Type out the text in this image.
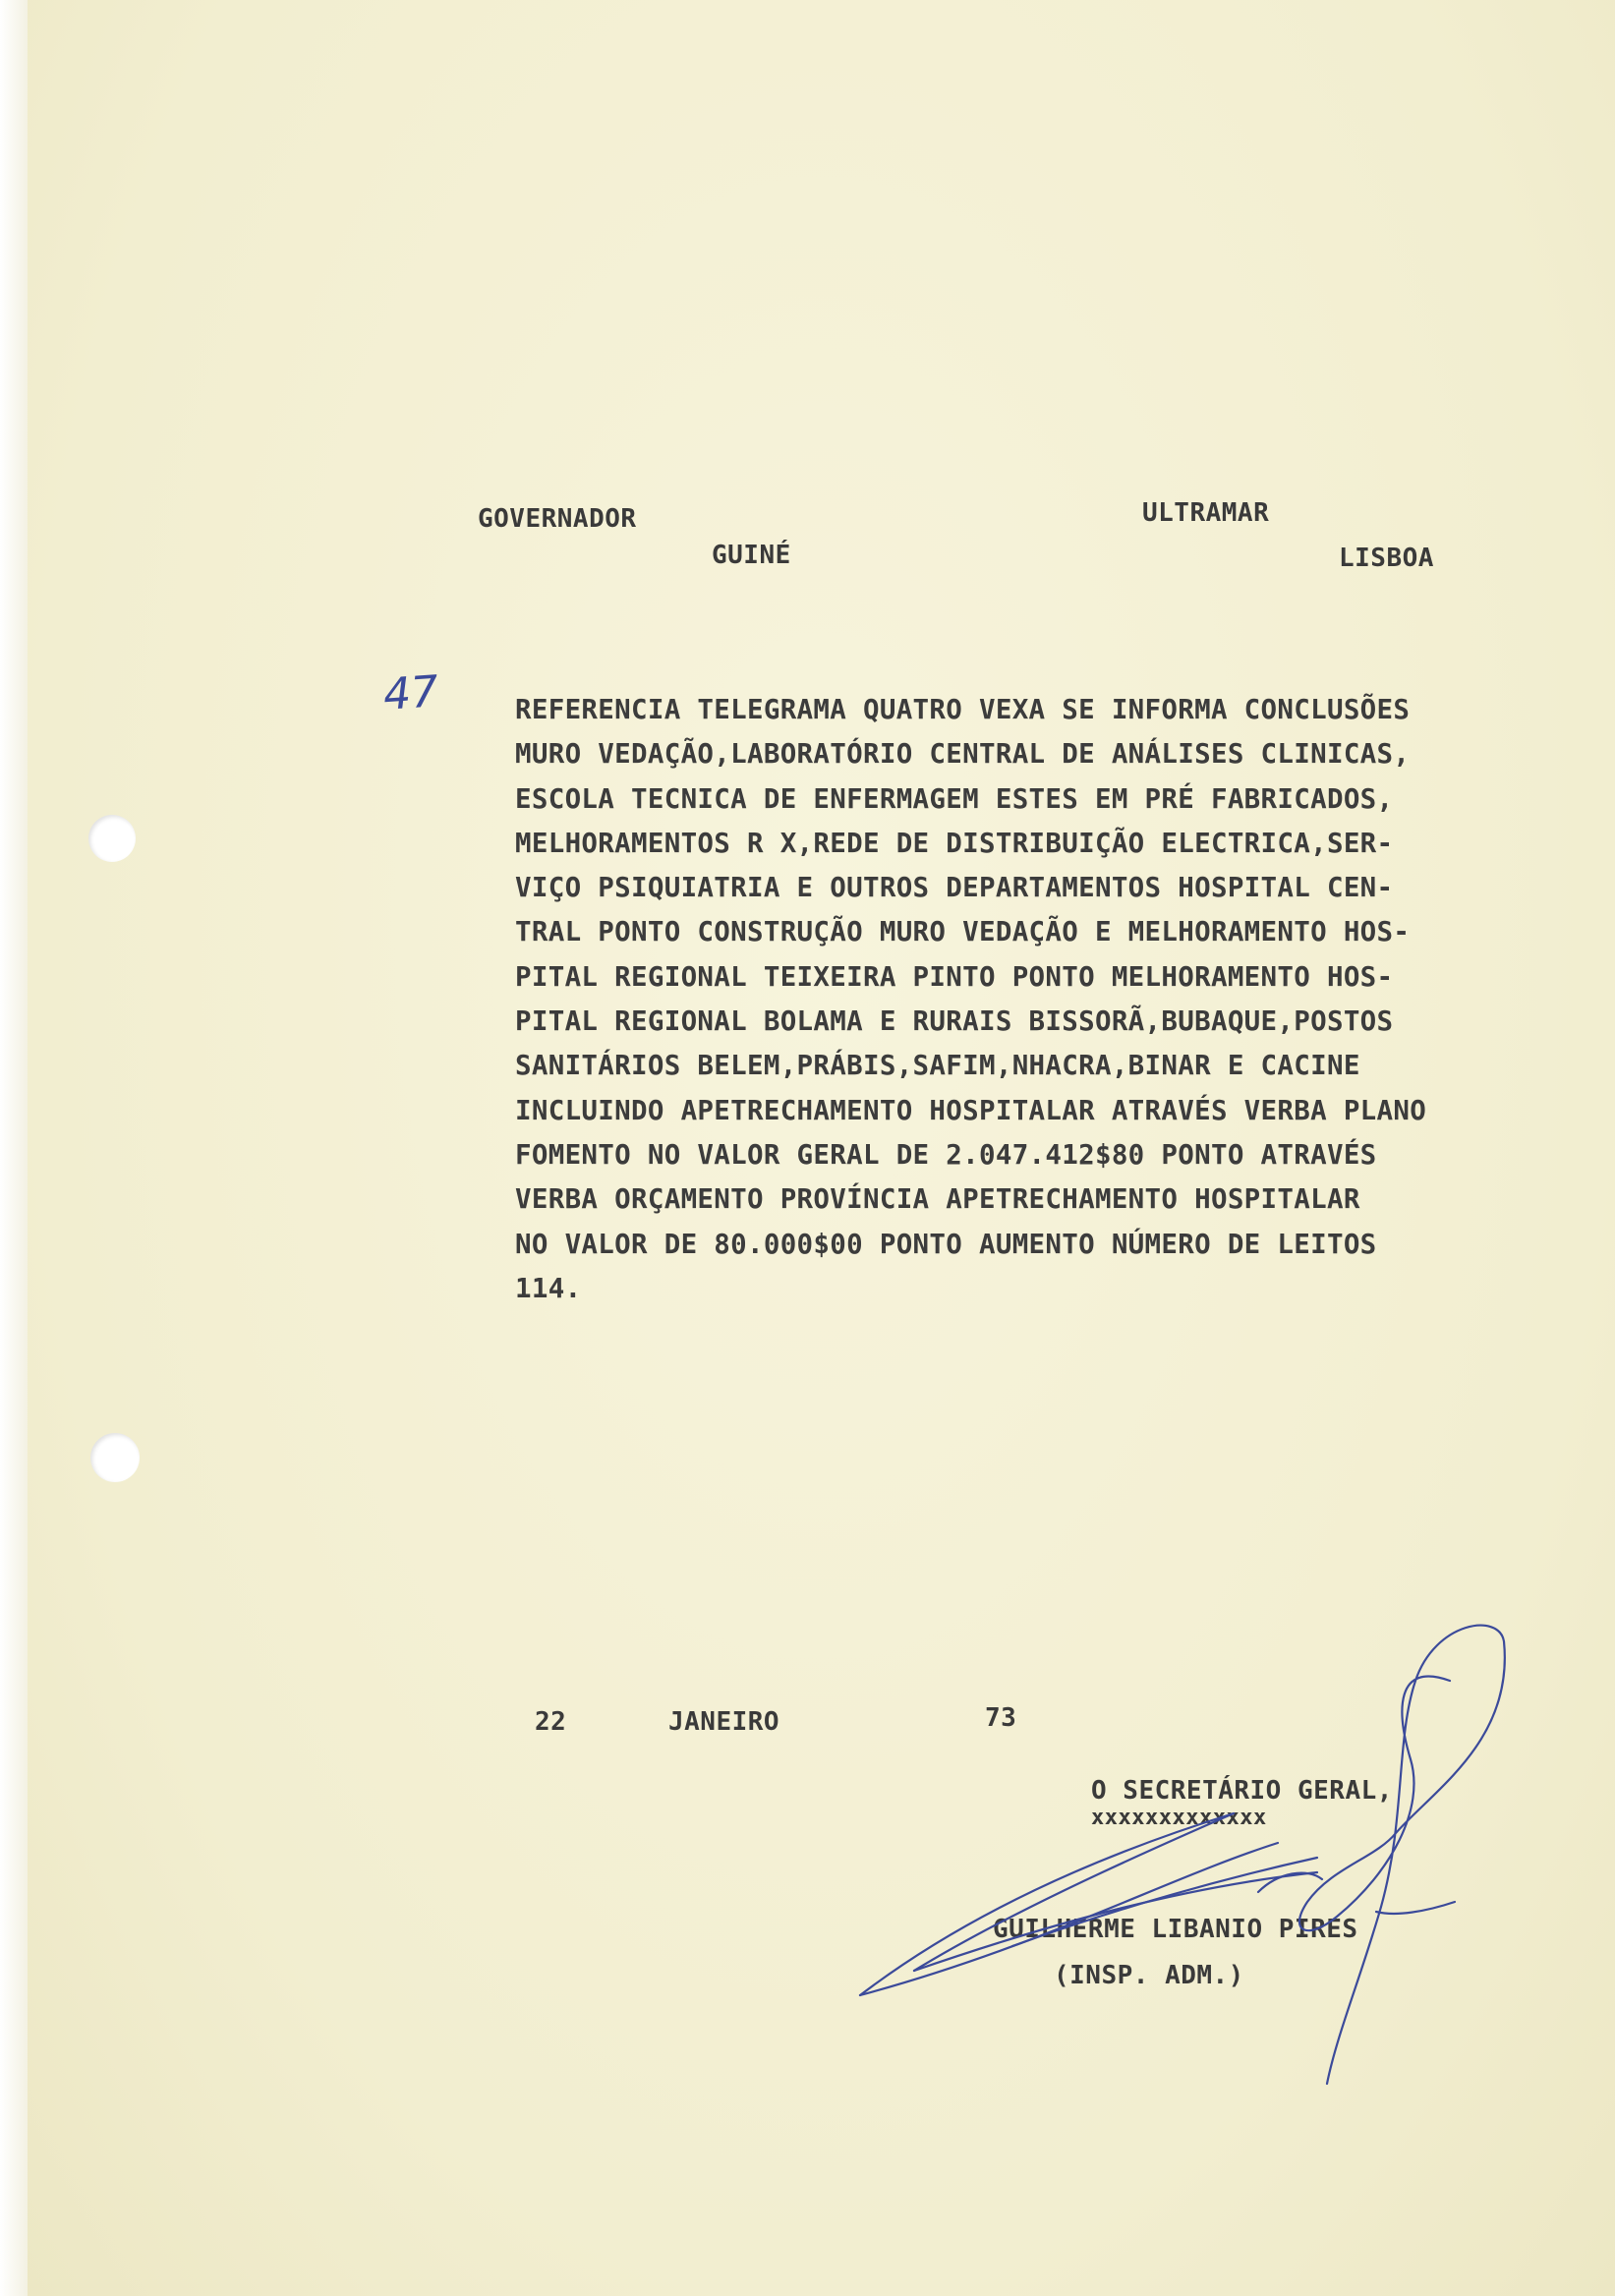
GOVERNADOR
GUINÉ
ULTRAMAR
LISBOA
47	REFERENCIA TELEGRAMA QUATRO VEXA SE INFORMA CONCLUSÕES
MURO VEDAÇÃO,LABORATÓRIO CENTRAL DE ANÁLISES CLINICAS,
ESCOLA TECNICA DE ENFERMAGEM ESTES EM PRÉ FABRICADOS,
MELHORAMENTOS R X,REDE DE DISTRIBUIÇÃO ELECTRICA,SER-
VIÇO PSIQUIATRIA E OUTROS DEPARTAMENTOS HOSPITAL CEN-
TRAL PONTO CONSTRUÇÃO MURO VEDAÇÃO E MELHORAMENTO HOS-
PITAL REGIONAL TEIXEIRA PINTO PONTO MELHORAMENTO HOS-
PITAL REGIONAL BOLAMA E RURAIS BISSORÃ,BUBAQUE,POSTOS
SANITÁRIOS BELEM,PRÁBIS,SAFIM,NHACRA,BINAR E CACINE
INCLUINDO APETRECHAMENTO HOSPITALAR ATRAVÉS VERBA PLANO
FOMENTO NO VALOR GERAL DE 2.047.412$80 PONTO ATRAVÉS
VERBA ORÇAMENTO PROVÍNCIA APETRECHAMENTO HOSPITALAR
NO VALOR DE 80.000$00 PONTO AUMENTO NÚMERO DE LEITOS
114.
22	JANEIRO	73
O SECRETÁRIO GERAL,
xxxxxxxxxxxxx
GUILHERME LIBANIO PIRES
(INSP. ADM.)
